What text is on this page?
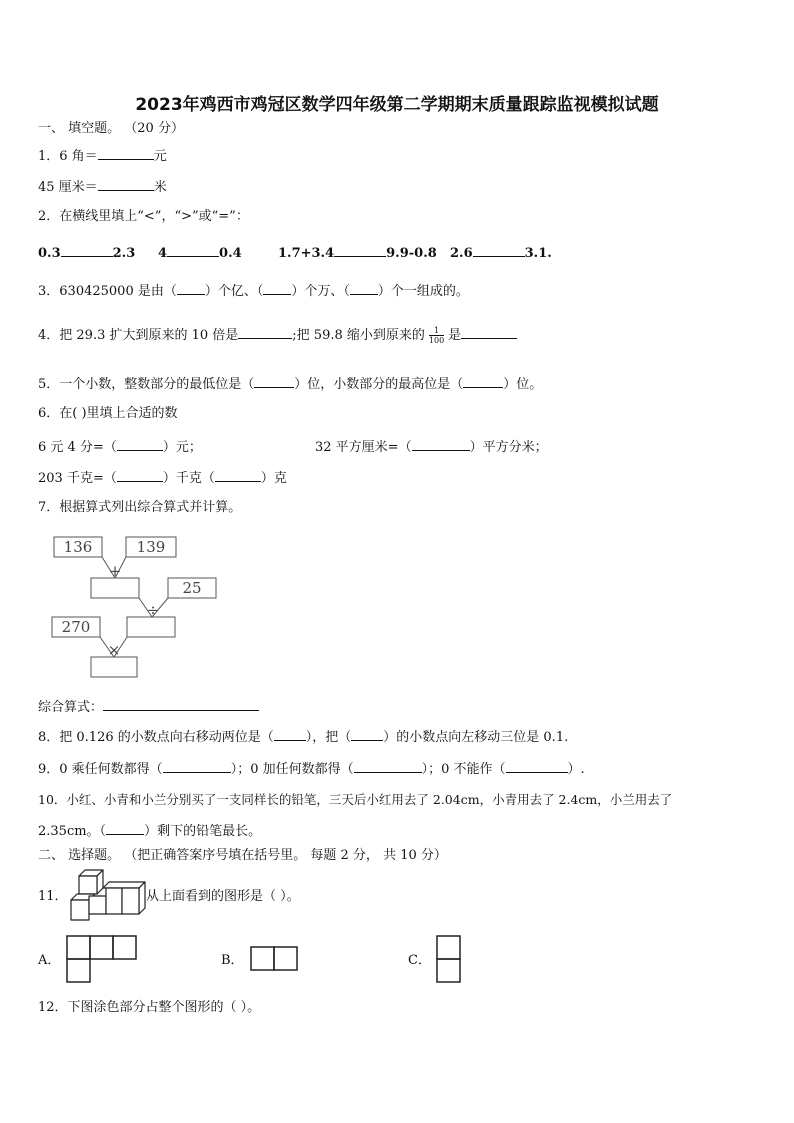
2023年鸡西市鸡冠区数学四年级第二学期期末质量跟踪监视模拟试题
一、 填空题。 （20 分）
1．6 角＝	元
45 厘米＝	米
2．在横线里填上“<”，“>”或“=”：
0.3	2.3 4	0.4	1.7+3.4	9.9-0.8 2.6	3.1.
3．630425000 是由（ ）个亿、（ ）个万、（ ）个一组成的。
4．把 29.3 扩大到原来的 10 倍是	;把 59.8 缩小到原来的 $\frac{1}{100}$ 是
5．一个小数，整数部分的最低位是（	）位，小数部分的最高位是（	）位。
6．在( )里填上合适的数
6 元 4 分=（	）元；	32 平方厘米=（	）平方分米；
203 千克=（	）千克（	）克
7．根据算式列出综合算式并计算。
136	139
25
270
+
÷
×
综合算式：
8．把 0.126 的小数点向右移动两位是（ ），把（ ）的小数点向左移动三位是 0.1.
9．0 乘任何数都得（	）；0 加任何数都得（	）；0 不能作（	）.
10．小红、小青和小兰分别买了一支同样长的铅笔，三天后小红用去了 2.04cm，小青用去了 2.4cm，小兰用去了
2.35cm。（	）剩下的铅笔最长。
二、 选择题。 （把正确答案序号填在括号里。 每题 2 分， 共 10 分）
11．	从上面看到的图形是（ ）。
A．	B．	C．
12．下图涂色部分占整个图形的（ ）。
